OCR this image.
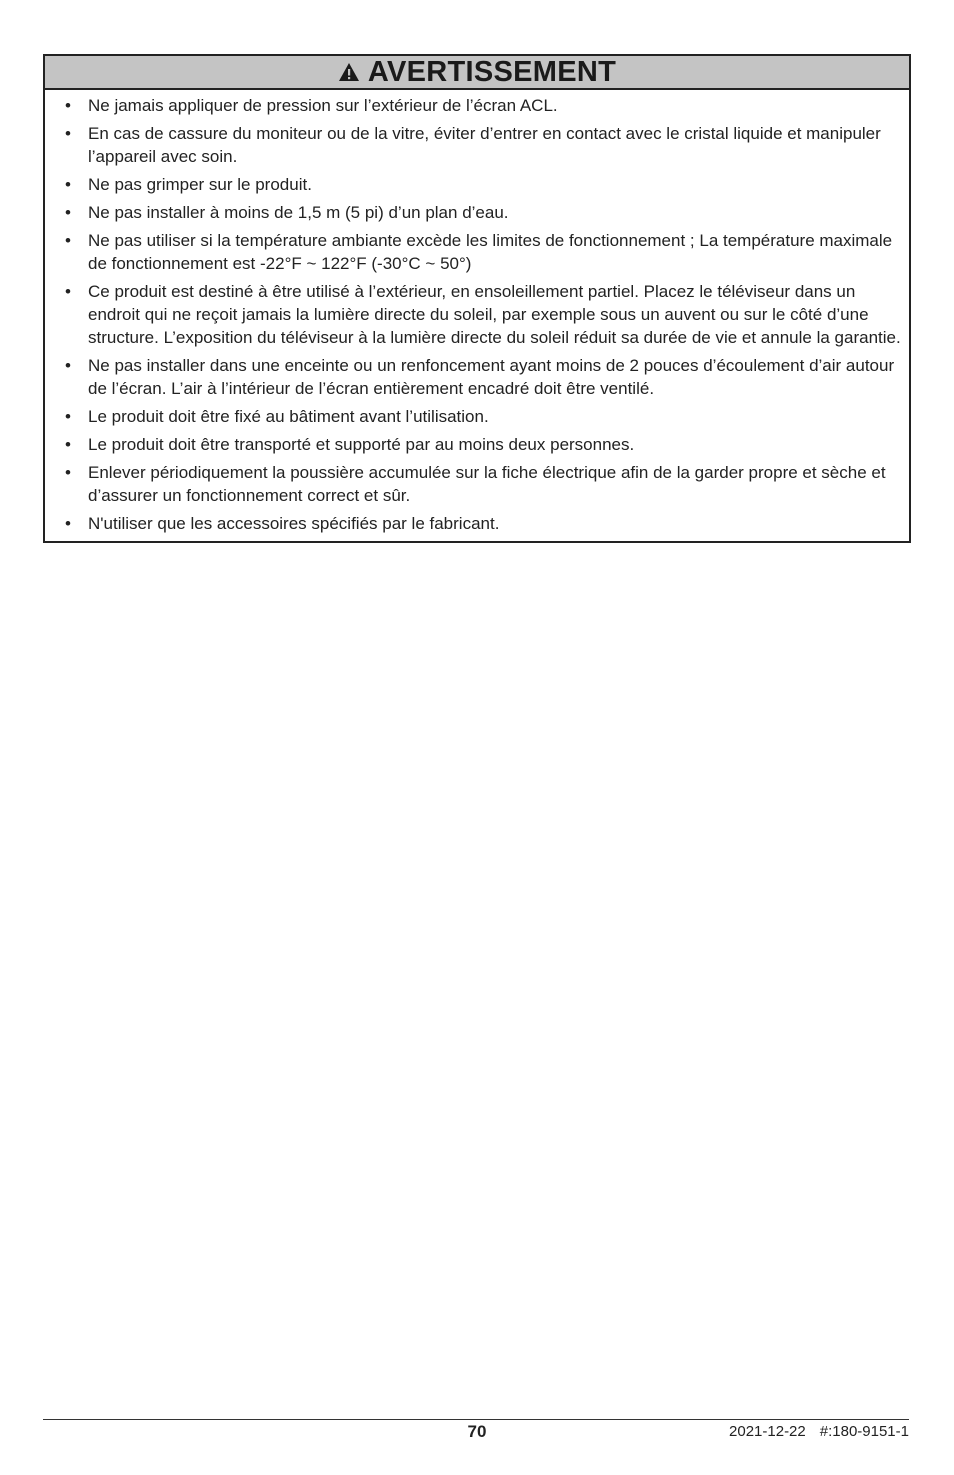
AVERTISSEMENT
• Ne jamais appliquer de pression sur l’extérieur de l’écran ACL.
• En cas de cassure du moniteur ou de la vitre, éviter d’entrer en contact avec le cristal liquide et manipuler l’appareil avec soin.
• Ne pas grimper sur le produit.
• Ne pas installer à moins de 1,5 m (5 pi) d’un plan d’eau.
• Ne pas utiliser si la température ambiante excède les limites de fonctionnement ; La température maximale de fonctionnement est -22°F ~ 122°F (-30°C ~ 50°)
• Ce produit est destiné à être utilisé à l’extérieur, en ensoleillement partiel. Placez le téléviseur dans un endroit qui ne reçoit jamais la lumière directe du soleil, par exemple sous un auvent ou sur le côté d’une structure. L’exposition du téléviseur à la lumière directe du soleil réduit sa durée de vie et annule la garantie.
• Ne pas installer dans une enceinte ou un renfoncement ayant moins de 2 pouces d’écoulement d’air autour de l’écran. L’air à l’intérieur de l’écran entièrement encadré doit être ventilé.
• Le produit doit être fixé au bâtiment avant l’utilisation.
• Le produit doit être transporté et supporté par au moins deux personnes.
• Enlever périodiquement la poussière accumulée sur la fiche électrique afin de la garder propre et sèche et d’assurer un fonctionnement correct et sûr.
• N'utiliser que les accessoires spécifiés par le fabricant.
70	2021-12-22 #:180-9151-1
